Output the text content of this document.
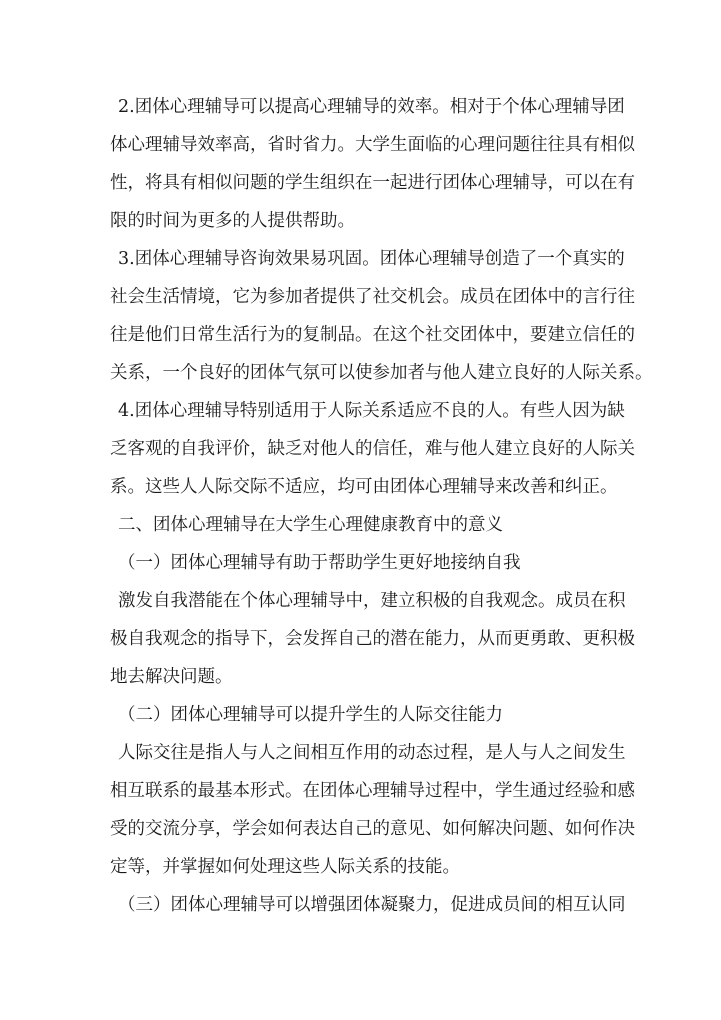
2.团体心理辅导可以提高心理辅导的效率。相对于个体心理辅导团
体心理辅导效率高，省时省力。大学生面临的心理问题往往具有相似
性，将具有相似问题的学生组织在一起进行团体心理辅导，可以在有
限的时间为更多的人提供帮助。
3.团体心理辅导咨询效果易巩固。团体心理辅导创造了一个真实的
社会生活情境，它为参加者提供了社交机会。成员在团体中的言行往
往是他们日常生活行为的复制品。在这个社交团体中，要建立信任的
关系，一个良好的团体气氛可以使参加者与他人建立良好的人际关系。
4.团体心理辅导特别适用于人际关系适应不良的人。有些人因为缺
乏客观的自我评价，缺乏对他人的信任，难与他人建立良好的人际关
系。这些人人际交际不适应，均可由团体心理辅导来改善和纠正。
二、团体心理辅导在大学生心理健康教育中的意义
（一）团体心理辅导有助于帮助学生更好地接纳自我
激发自我潜能在个体心理辅导中，建立积极的自我观念。成员在积
极自我观念的指导下，会发挥自己的潜在能力，从而更勇敢、更积极
地去解决问题。
（二）团体心理辅导可以提升学生的人际交往能力
人际交往是指人与人之间相互作用的动态过程，是人与人之间发生
相互联系的最基本形式。在团体心理辅导过程中，学生通过经验和感
受的交流分享，学会如何表达自己的意见、如何解决问题、如何作决
定等，并掌握如何处理这些人际关系的技能。
（三）团体心理辅导可以增强团体凝聚力，促进成员间的相互认同
